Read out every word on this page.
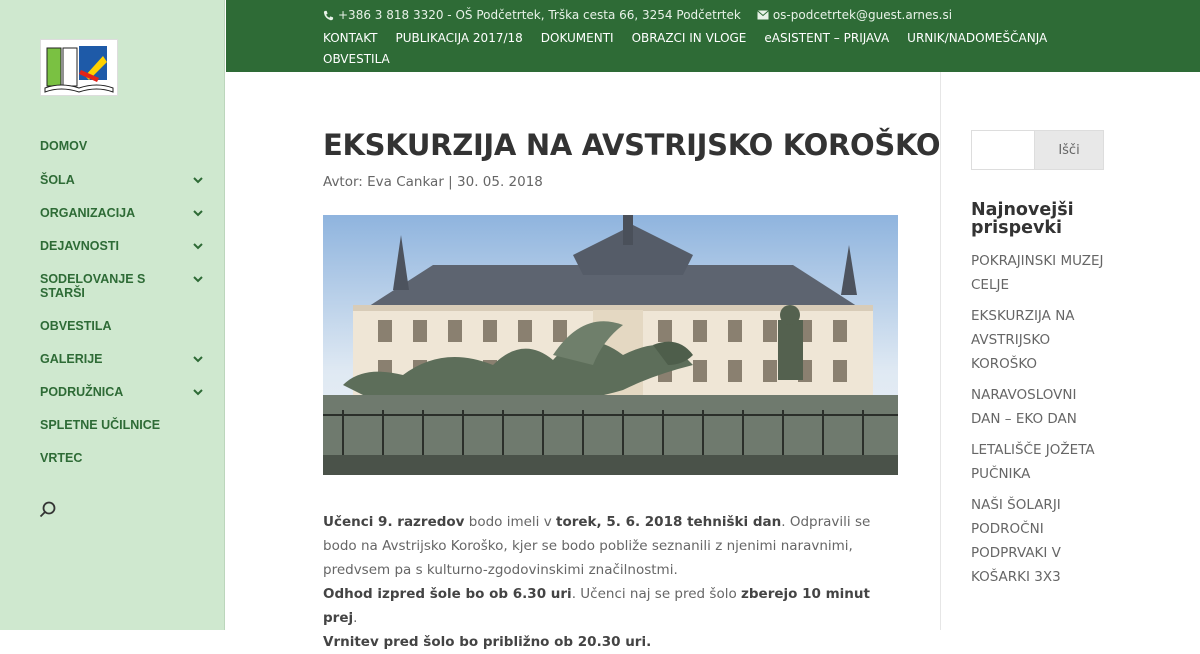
DOMOV
ŠOLA
ORGANIZACIJA
DEJAVNOSTI
SODELOVANJE S STARŠI
OBVESTILA
GALERIJE
PODRUŽNICA
SPLETNE UČILNICE
VRTEC
+386 3 818 3320 - OŠ Podčetrtek, Trška cesta 66, 3254 Podčetrtek	os-podcetrtek@guest.arnes.si
KONTAKT PUBLIKACIJA 2017/18 DOKUMENTI OBRAZCI IN VLOGE eASISTENT – PRIJAVA URNIK/NADOMEŠČANJAOBVESTILA
EKSKURZIJA NA AVSTRIJSKO KOROŠKO
Avtor: Eva Cankar | 30. 05. 2018

Učenci 9. razredov bodo imeli v torek, 5. 6. 2018 tehniški dan. Odpravili se bodo na Avstrijsko Koroško, kjer se bodo pobliže seznanili z njenimi naravnimi, predvsem pa s kulturno-zgodovinskimi značilnostmi.

Odhod izpred šole bo ob 6.30 uri. Učenci naj se pred šolo zberejo 10 minut prej.

Vrnitev pred šolo bo približno ob 20.30 uri.

Išči
Najnovejši prispevki
POKRAJINSKI MUZEJ CELJE
EKSKURZIJA NA AVSTRIJSKO KOROŠKO
NARAVOSLOVNI DAN – EKO DAN
LETALIŠČE JOŽETA PUČNIKA
NAŠI ŠOLARJI PODROČNI PODPRVAKI V KOŠARKI 3X3
